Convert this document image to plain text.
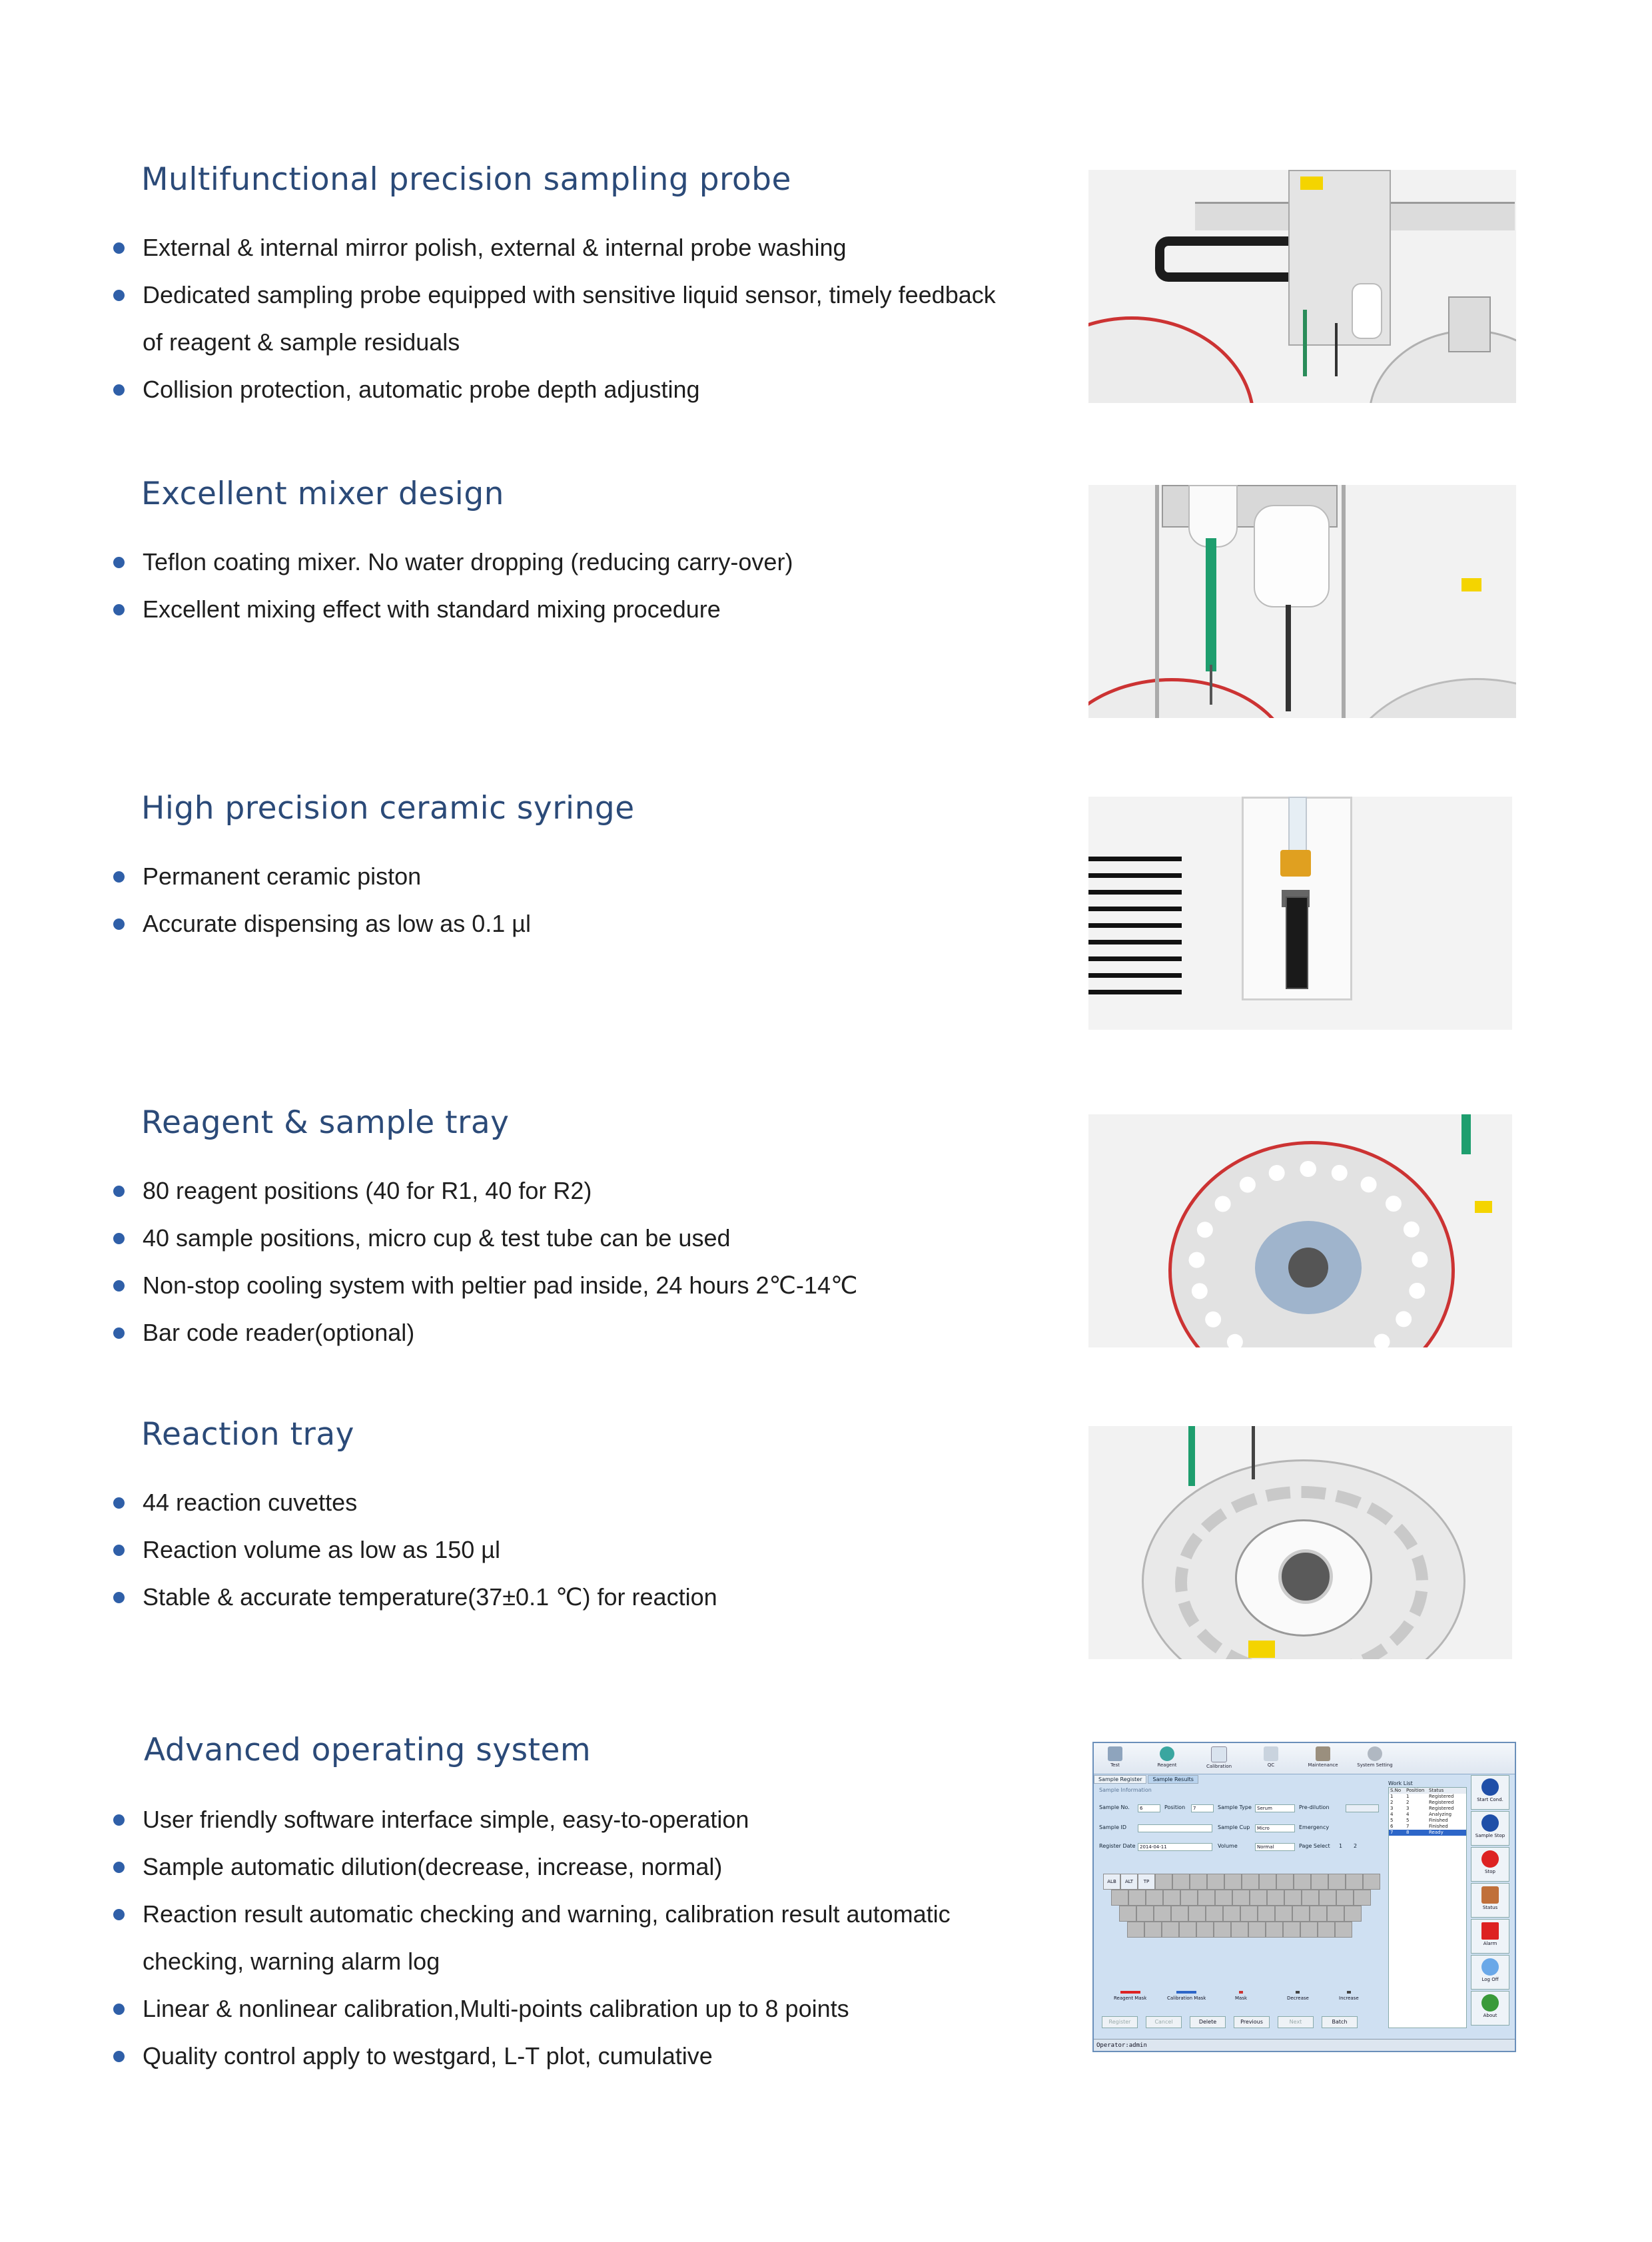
Multifunctional precision sampling probe
External & internal mirror polish, external & internal probe washing
Dedicated sampling probe equipped with sensitive liquid sensor, timely feedback
of reagent & sample residuals
Collision protection, automatic probe depth adjusting
Excellent mixer design
Teflon coating mixer. No water dropping (reducing carry-over)
Excellent mixing effect with standard mixing procedure
High precision ceramic syringe
Permanent ceramic piston
Accurate dispensing as low as 0.1 µl
Reagent & sample tray
80 reagent positions (40 for R1, 40 for R2)
40 sample positions, micro cup & test tube can be used
Non-stop cooling system with peltier pad inside, 24 hours 2℃-14℃
Bar code reader(optional)
Reaction tray
44 reaction cuvettes
Reaction volume as low as 150 µl
Stable & accurate temperature(37±0.1 ℃) for reaction
Advanced operating system
User friendly software interface simple, easy-to-operation
Sample automatic dilution(decrease, increase, normal)
Reaction result automatic checking and warning, calibration result automatic
checking, warning alarm log
Linear & nonlinear calibration,Multi-points calibration up to 8 points
Quality control apply to westgard, L-T plot, cumulative
Test	Reagent	Calibration	QC	Maintenance	System Setting
Sample Register Sample Results
Sample Information
Sample No.	6	Position	7	Sample Type	Serum	Pre-dilution
Sample ID	Sample Cup	Micro	Emergency
Register Date 2014-04-11	Volume	Normal	Page Select 1 2
ALB	ALT	TP
Reagent Mask	Calibration Mask	Mask	Decrease	Increase
Register	Cancel	Delete	Previous	Next	Batch
Work List
S.No Position Status
1	1	Registered
2	2	Registered
3	3	Registered
4	4	Analyzing
5	5	Finished
6	7	Finished
7	8	Ready
Start Cond.
Sample Stop
Stop
Status
Alarm
Log Off
About
Operator:admin
